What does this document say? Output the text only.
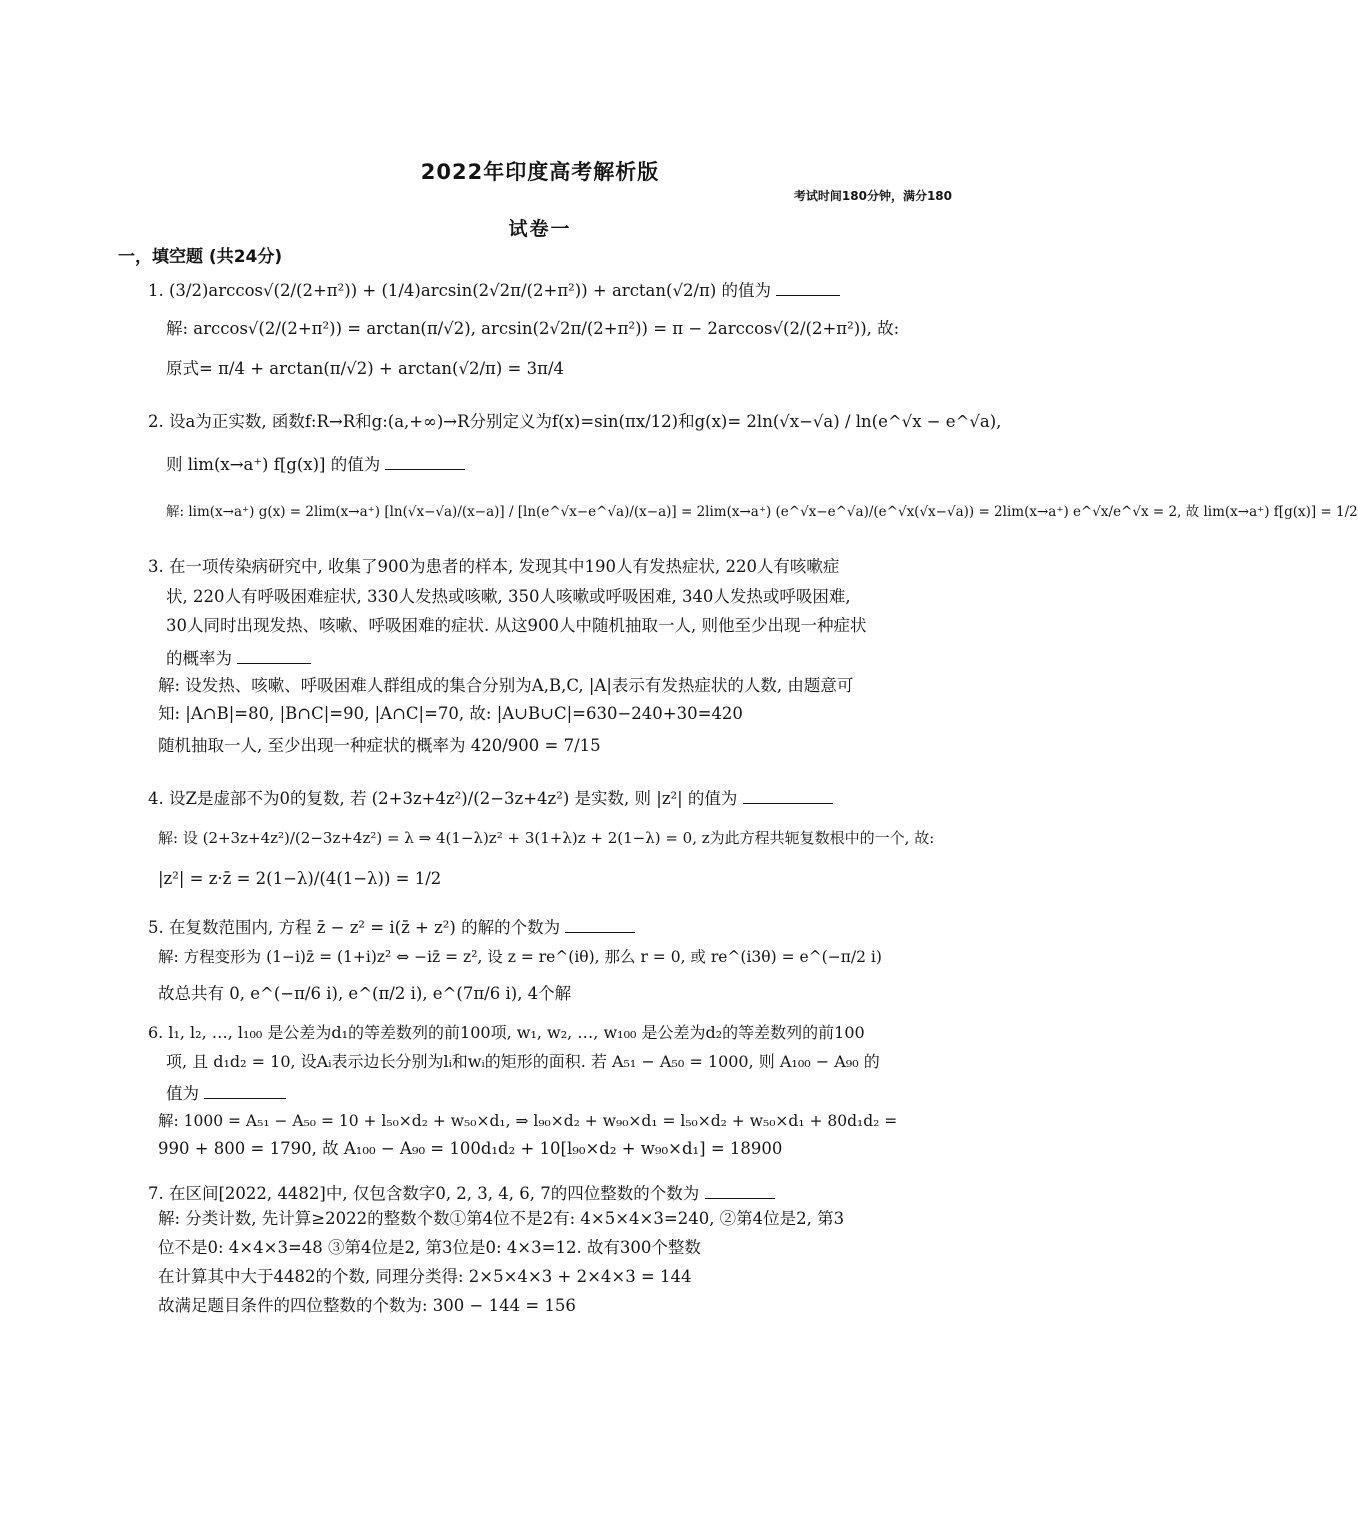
2022年印度高考解析版
考试时间180分钟，满分180
试卷一
一，填空题 (共24分)
1. (3/2)arccos√(2/(2+π²)) + (1/4)arcsin(2√2π/(2+π²)) + arctan(√2/π) 的值为
解: arccos√(2/(2+π²)) = arctan(π/√2), arcsin(2√2π/(2+π²)) = π − 2arccos√(2/(2+π²)), 故:
原式= π/4 + arctan(π/√2) + arctan(√2/π) = 3π/4
2. 设a为正实数, 函数f:R→R和g:(a,+∞)→R分别定义为f(x)=sin(πx/12)和g(x)= 2ln(√x−√a) / ln(e^√x − e^√a),
则 lim(x→a⁺) f[g(x)] 的值为
解: lim(x→a⁺) g(x) = 2lim(x→a⁺) [ln(√x−√a)/(x−a)] / [ln(e^√x−e^√a)/(x−a)] = 2lim(x→a⁺) (e^√x−e^√a)/(e^√x(√x−√a)) = 2lim(x→a⁺) e^√x/e^√x = 2, 故 lim(x→a⁺) f[g(x)] = 1/2
3. 在一项传染病研究中, 收集了900为患者的样本, 发现其中190人有发热症状, 220人有咳嗽症
状, 220人有呼吸困难症状, 330人发热或咳嗽, 350人咳嗽或呼吸困难, 340人发热或呼吸困难,
30人同时出现发热、咳嗽、呼吸困难的症状. 从这900人中随机抽取一人, 则他至少出现一种症状
的概率为
解: 设发热、咳嗽、呼吸困难人群组成的集合分别为A,B,C, |A|表示有发热症状的人数, 由题意可
知: |A∩B|=80, |B∩C|=90, |A∩C|=70, 故: |A∪B∪C|=630−240+30=420
随机抽取一人, 至少出现一种症状的概率为 420/900 = 7/15
4. 设Z是虚部不为0的复数, 若 (2+3z+4z²)/(2−3z+4z²) 是实数, 则 |z²| 的值为
解: 设 (2+3z+4z²)/(2−3z+4z²) = λ ⇒ 4(1−λ)z² + 3(1+λ)z + 2(1−λ) = 0, z为此方程共轭复数根中的一个, 故:
|z²| = z·z̄ = 2(1−λ)/(4(1−λ)) = 1/2
5. 在复数范围内, 方程 z̄ − z² = i(z̄ + z²) 的解的个数为
解: 方程变形为 (1−i)z̄ = (1+i)z² ⇔ −iz̄ = z², 设 z = re^(iθ), 那么 r = 0, 或 re^(i3θ) = e^(−π/2 i)
故总共有 0, e^(−π/6 i), e^(π/2 i), e^(7π/6 i), 4个解
6. l₁, l₂, …, l₁₀₀ 是公差为d₁的等差数列的前100项, w₁, w₂, …, w₁₀₀ 是公差为d₂的等差数列的前100
项, 且 d₁d₂ = 10, 设Aᵢ表示边长分别为lᵢ和wᵢ的矩形的面积. 若 A₅₁ − A₅₀ = 1000, 则 A₁₀₀ − A₉₀ 的
值为
解: 1000 = A₅₁ − A₅₀ = 10 + l₅₀×d₂ + w₅₀×d₁, ⇒ l₉₀×d₂ + w₉₀×d₁ = l₅₀×d₂ + w₅₀×d₁ + 80d₁d₂ =
990 + 800 = 1790, 故 A₁₀₀ − A₉₀ = 100d₁d₂ + 10[l₉₀×d₂ + w₉₀×d₁] = 18900
7. 在区间[2022, 4482]中, 仅包含数字0, 2, 3, 4, 6, 7的四位整数的个数为
解: 分类计数, 先计算≥2022的整数个数①第4位不是2有: 4×5×4×3=240, ②第4位是2, 第3
位不是0: 4×4×3=48 ③第4位是2, 第3位是0: 4×3=12. 故有300个整数
在计算其中大于4482的个数, 同理分类得: 2×5×4×3 + 2×4×3 = 144
故满足题目条件的四位整数的个数为: 300 − 144 = 156
